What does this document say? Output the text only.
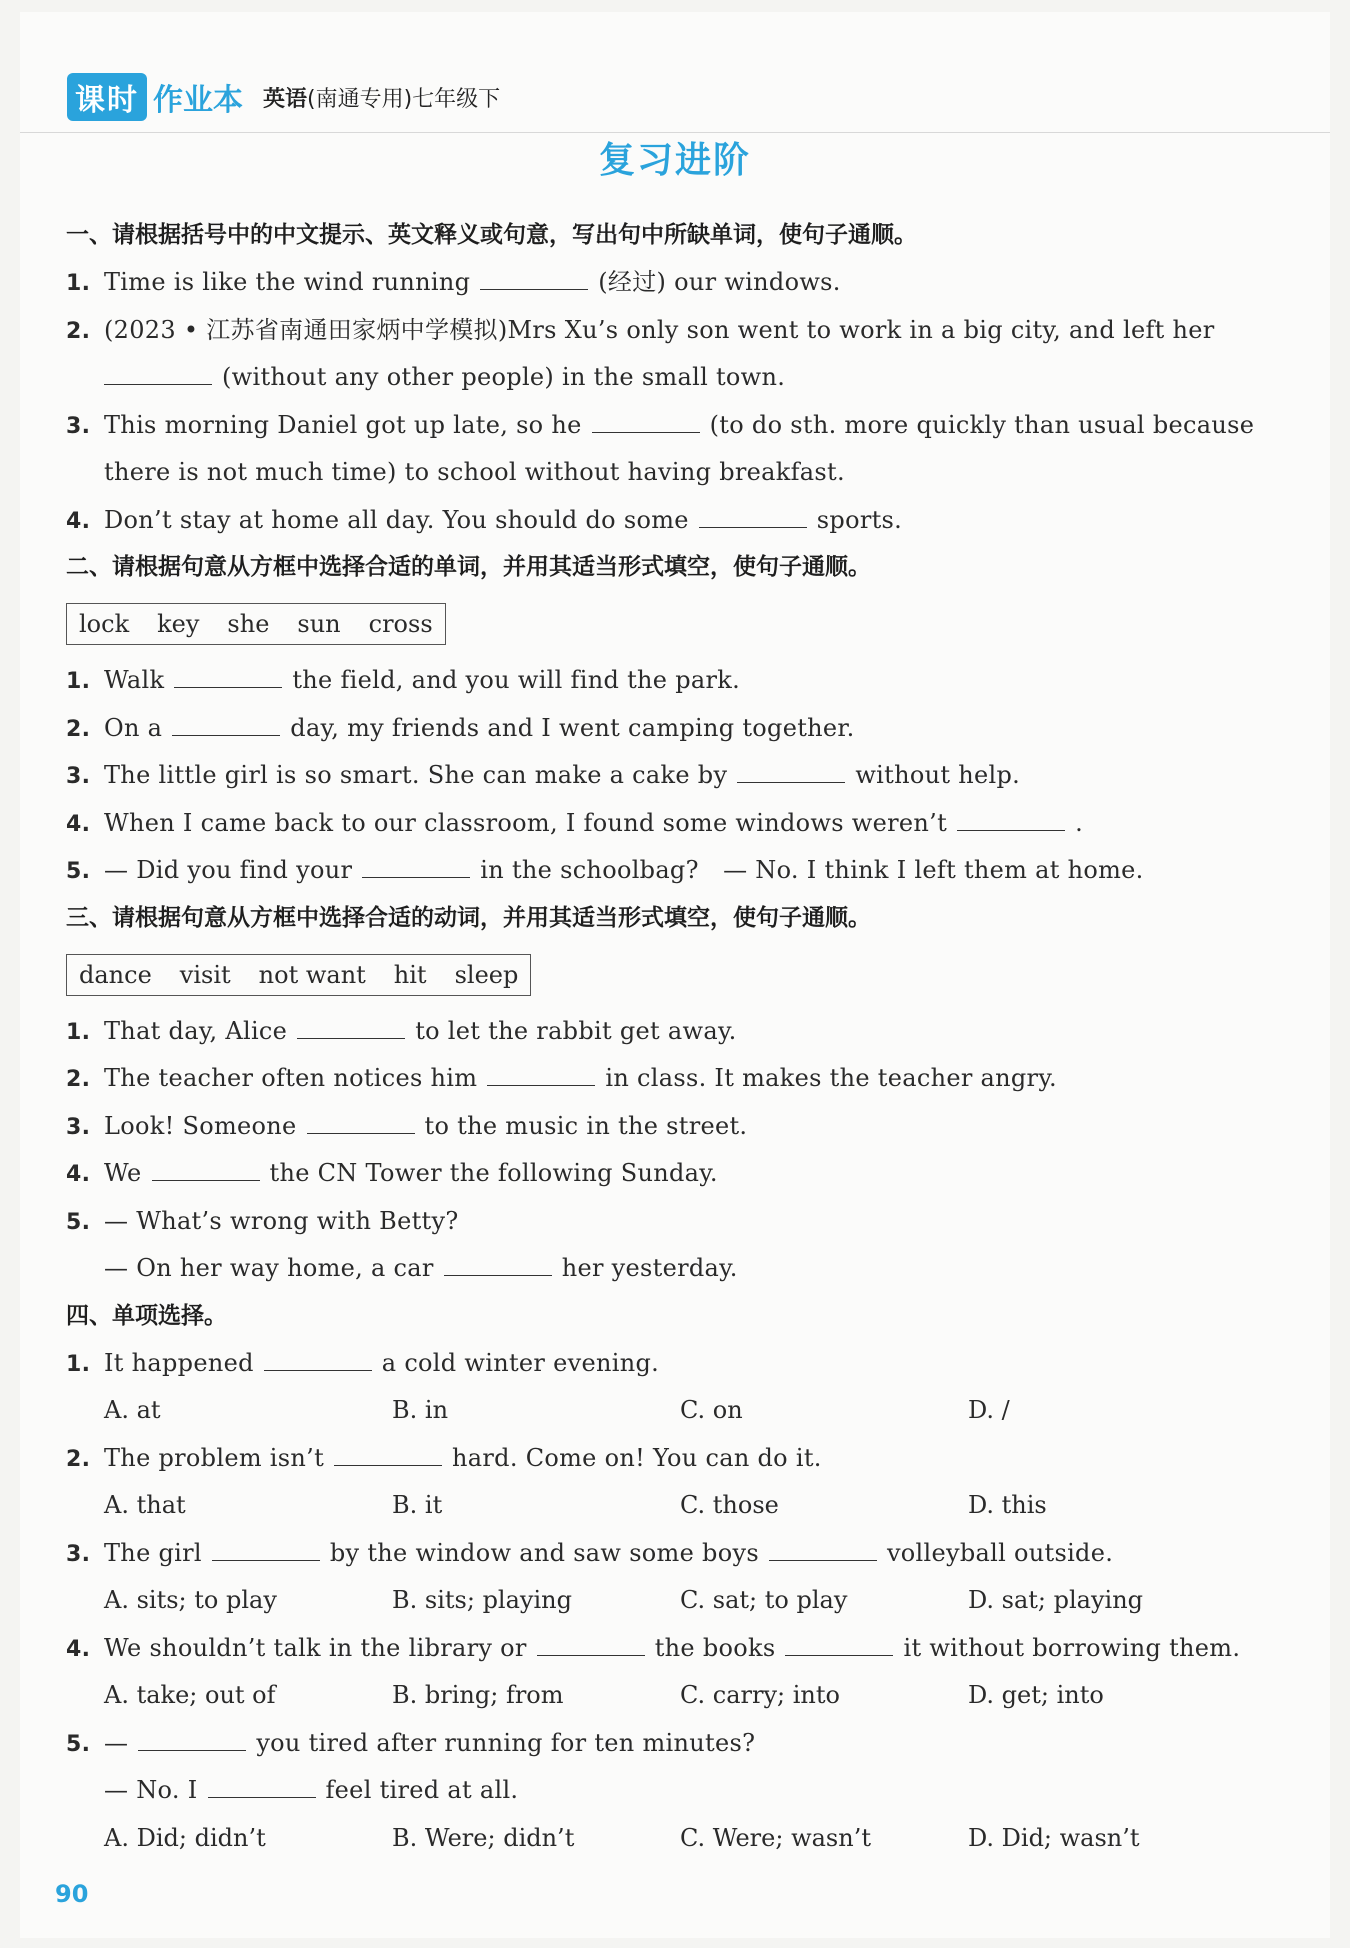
课时 作业本 英语(南通专用)七年级下
复习进阶
一、请根据括号中的中文提示、英文释义或句意，写出句中所缺单词，使句子通顺。
1. Time is like the wind running	(经过) our windows.
2. (2023 • 江苏省南通田家炳中学模拟)Mrs Xu’s only son went to work in a big city, and left her
(without any other people) in the small town.
3. This morning Daniel got up late, so he	(to do sth. more quickly than usual because
there is not much time) to school without having breakfast.
4. Don’t stay at home all day. You should do some	sports.
二、请根据句意从方框中选择合适的单词，并用其适当形式填空，使句子通顺。
lock key she sun cross
1. Walk	the field, and you will find the park.
2. On a	day, my friends and I went camping together.
3. The little girl is so smart. She can make a cake by	without help.
4. When I came back to our classroom, I found some windows weren’t	.
5. — Did you find your	in the schoolbag?　— No. I think I left them at home.
三、请根据句意从方框中选择合适的动词，并用其适当形式填空，使句子通顺。
dance visit not want hit sleep
1. That day, Alice	to let the rabbit get away.
2. The teacher often notices him	in class. It makes the teacher angry.
3. Look! Someone	to the music in the street.
4. We	the CN Tower the following Sunday.
5. — What’s wrong with Betty?
— On her way home, a car	her yesterday.
四、单项选择。
1. It happened	a cold winter evening.
A. at	B. in	C. on	D. /
2. The problem isn’t	hard. Come on! You can do it.
A. that	B. it	C. those	D. this
3. The girl	by the window and saw some boys	volleyball outside.
A. sits; to play	B. sits; playing	C. sat; to play	D. sat; playing
4. We shouldn’t talk in the library or	the books	it without borrowing them.
A. take; out of	B. bring; from	C. carry; into	D. get; into
5. —	you tired after running for ten minutes?
— No. I	feel tired at all.
A. Did; didn’t	B. Were; didn’t	C. Were; wasn’t	D. Did; wasn’t
90
